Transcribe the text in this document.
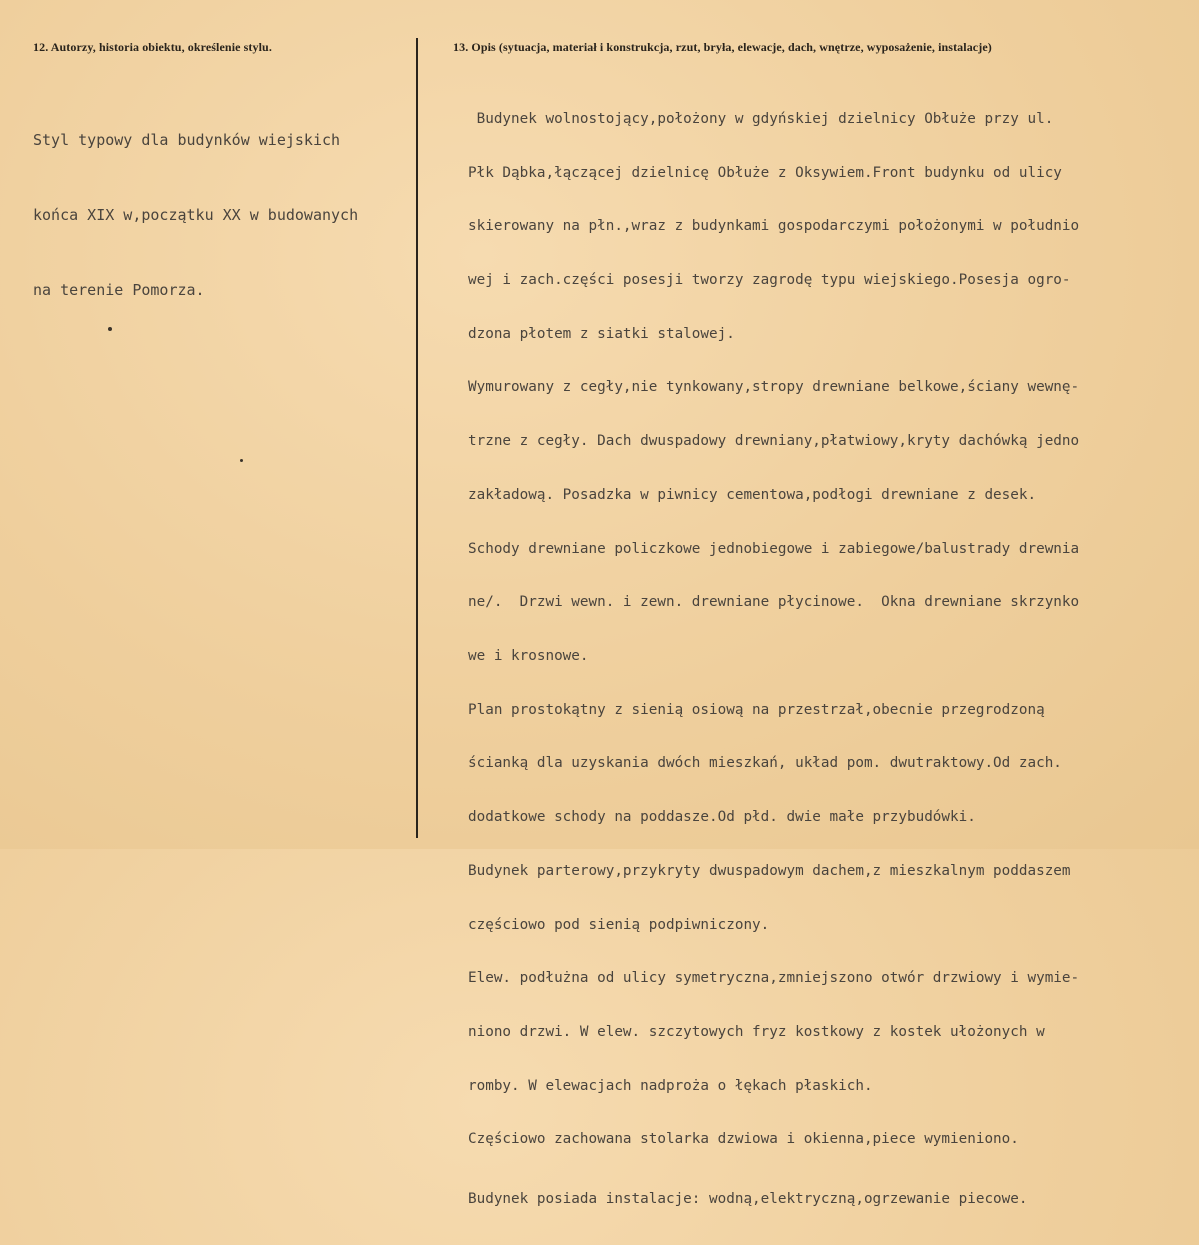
12. Autorzy, historia obiektu, określenie stylu.	13. Opis (sytuacja, materiał i konstrukcja, rzut, bryła, elewacje, dach, wnętrze, wyposażenie, instalacje)

Styl typowy dla budynków wiejskich

końca XIX w,początku XX w budowanych

na terenie Pomorza.

Budynek wolnostojący,położony w gdyńskiej dzielnicy Obłuże przy ul.

Płk Dąbka,łączącej dzielnicę Obłuże z Oksywiem.Front budynku od ulicy

skierowany na płn.,wraz z budynkami gospodarczymi położonymi w południo

wej i zach.części posesji tworzy zagrodę typu wiejskiego.Posesja ogro-

dzona płotem z siatki stalowej.

Wymurowany z cegły,nie tynkowany,stropy drewniane belkowe,ściany wewnę-

trzne z cegły. Dach dwuspadowy drewniany,płatwiowy,kryty dachówką jedno

zakładową. Posadzka w piwnicy cementowa,podłogi drewniane z desek.

Schody drewniane policzkowe jednobiegowe i zabiegowe/balustrady drewnia

ne/.  Drzwi wewn. i zewn. drewniane płycinowe.  Okna drewniane skrzynko

we i krosnowe.

Plan prostokątny z sienią osiową na przestrzał,obecnie przegrodzoną

ścianką dla uzyskania dwóch mieszkań, układ pom. dwutraktowy.Od zach.

dodatkowe schody na poddasze.Od płd. dwie małe przybudówki.

Budynek parterowy,przykryty dwuspadowym dachem,z mieszkalnym poddaszem

częściowo pod sienią podpiwniczony.

Elew. podłużna od ulicy symetryczna,zmniejszono otwór drzwiowy i wymie-

niono drzwi. W elew. szczytowych fryz kostkowy z kostek ułożonych w

romby. W elewacjach nadproża o łękach płaskich.

Częściowo zachowana stolarka dzwiowa i okienna,piece wymieniono.

Budynek posiada instalacje: wodną,elektryczną,ogrzewanie piecowe.
